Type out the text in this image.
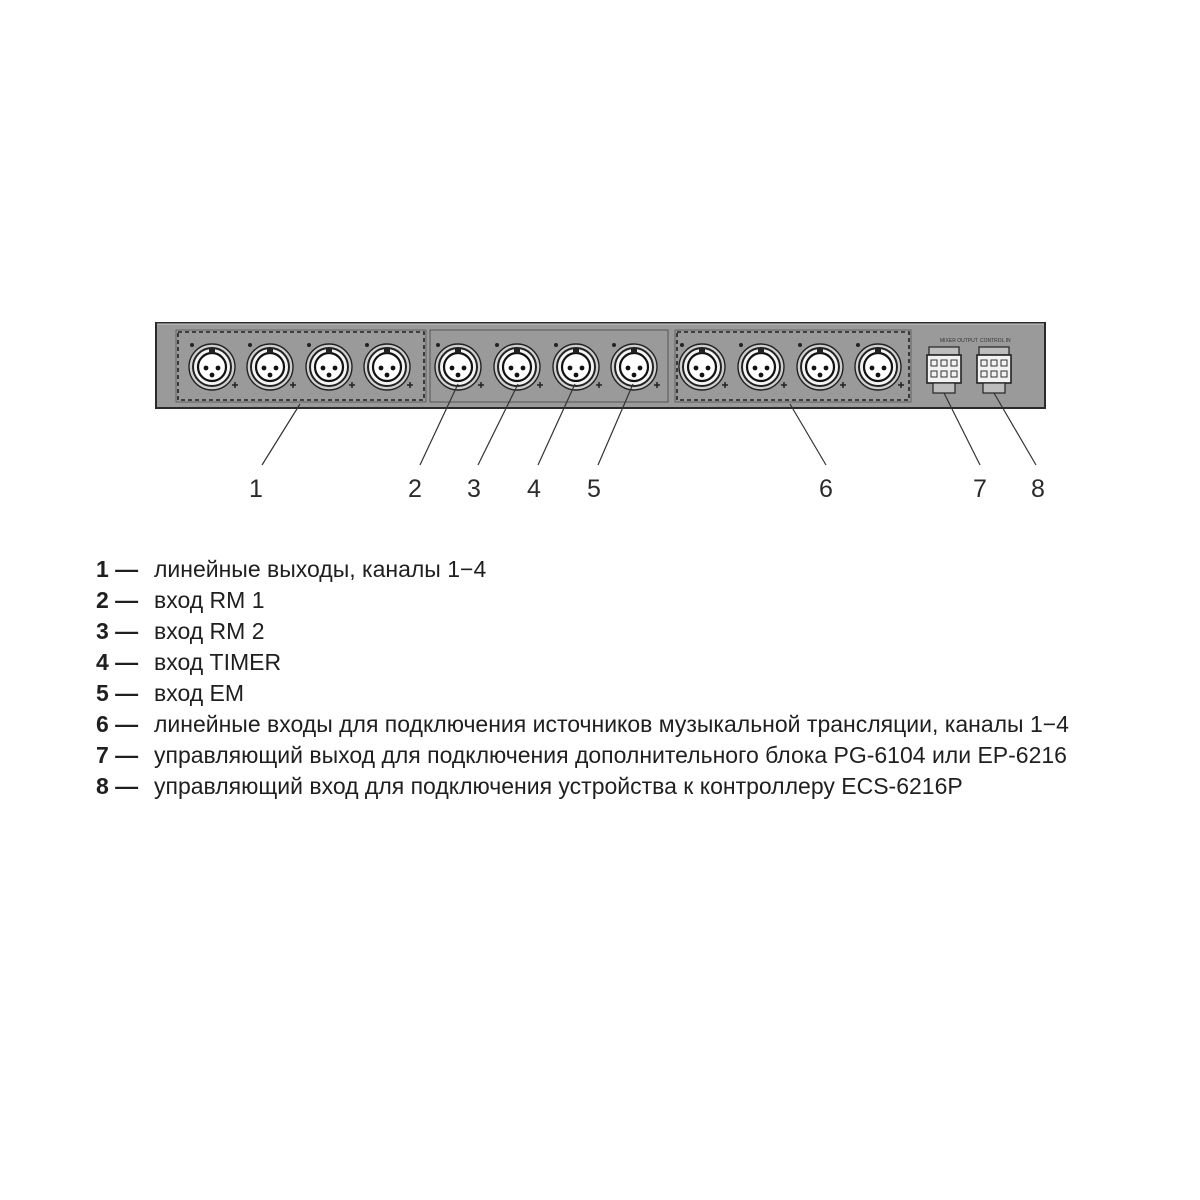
MIXER OUTPUT CONTROL IN
1	2 3 4 5	6	7 8
1 — линейные выходы, каналы 1−4
2 — вход RM 1
3 — вход RM 2
4 — вход TIMER
5 — вход EM
6 — линейные входы для подключения источников музыкальной трансляции, каналы 1−4
7 — управляющий выход для подключения дополнительного блока PG-6104 или EP-6216
8 — управляющий вход для подключения устройства к контроллеру ECS-6216P
